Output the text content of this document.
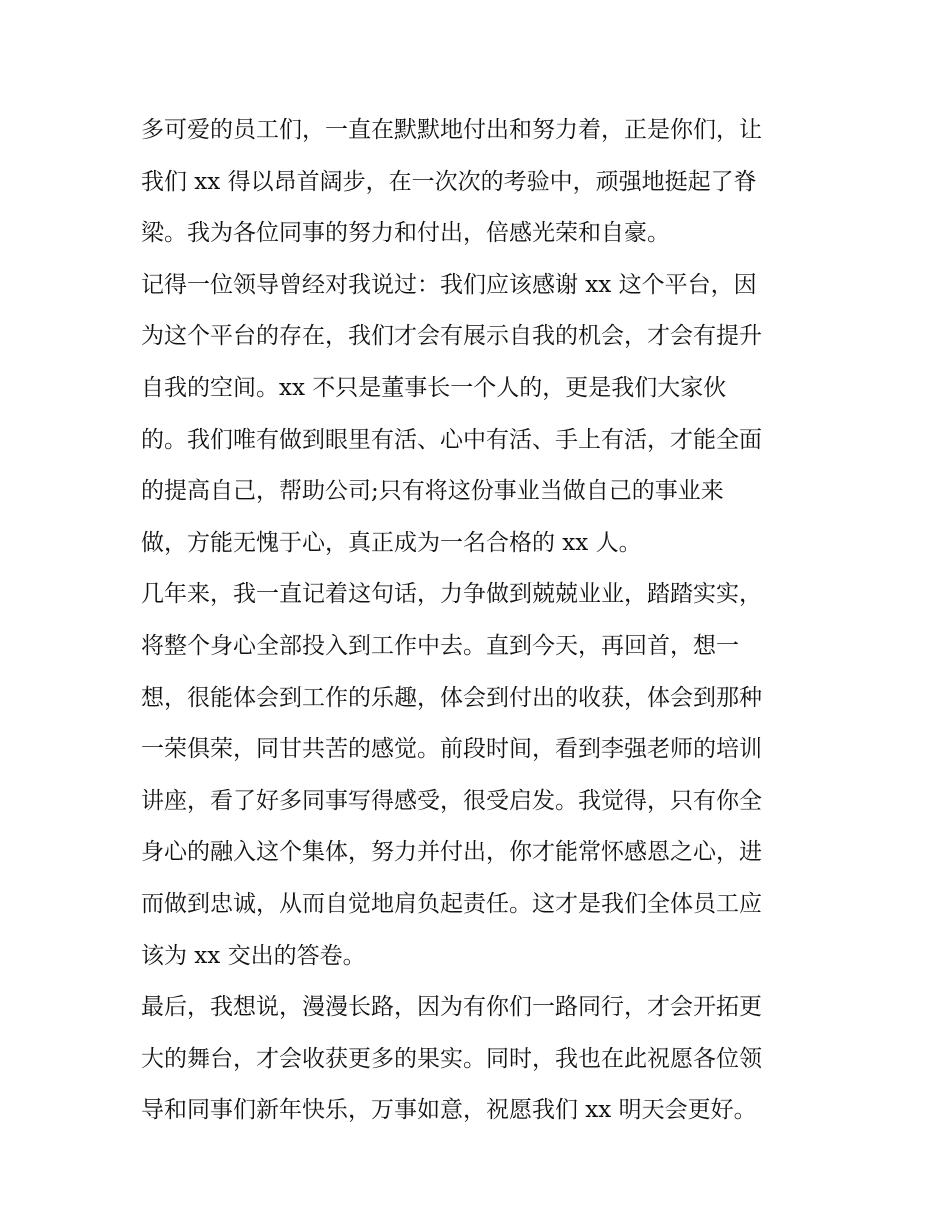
多可爱的员工们，一直在默默地付出和努力着，正是你们，让
我们 xx 得以昂首阔步，在一次次的考验中，顽强地挺起了脊
梁。我为各位同事的努力和付出，倍感光荣和自豪。
记得一位领导曾经对我说过：我们应该感谢 xx 这个平台，因
为这个平台的存在，我们才会有展示自我的机会，才会有提升
自我的空间。xx 不只是董事长一个人的，更是我们大家伙
的。我们唯有做到眼里有活、心中有活、手上有活，才能全面
的提高自己，帮助公司;只有将这份事业当做自己的事业来
做，方能无愧于心，真正成为一名合格的 xx 人。
几年来，我一直记着这句话，力争做到兢兢业业，踏踏实实，
将整个身心全部投入到工作中去。直到今天，再回首，想一
想，很能体会到工作的乐趣，体会到付出的收获，体会到那种
一荣俱荣，同甘共苦的感觉。前段时间，看到李强老师的培训
讲座，看了好多同事写得感受，很受启发。我觉得，只有你全
身心的融入这个集体，努力并付出，你才能常怀感恩之心，进
而做到忠诚，从而自觉地肩负起责任。这才是我们全体员工应
该为 xx 交出的答卷。
最后，我想说，漫漫长路，因为有你们一路同行，才会开拓更
大的舞台，才会收获更多的果实。同时，我也在此祝愿各位领
导和同事们新年快乐，万事如意，祝愿我们 xx 明天会更好。
